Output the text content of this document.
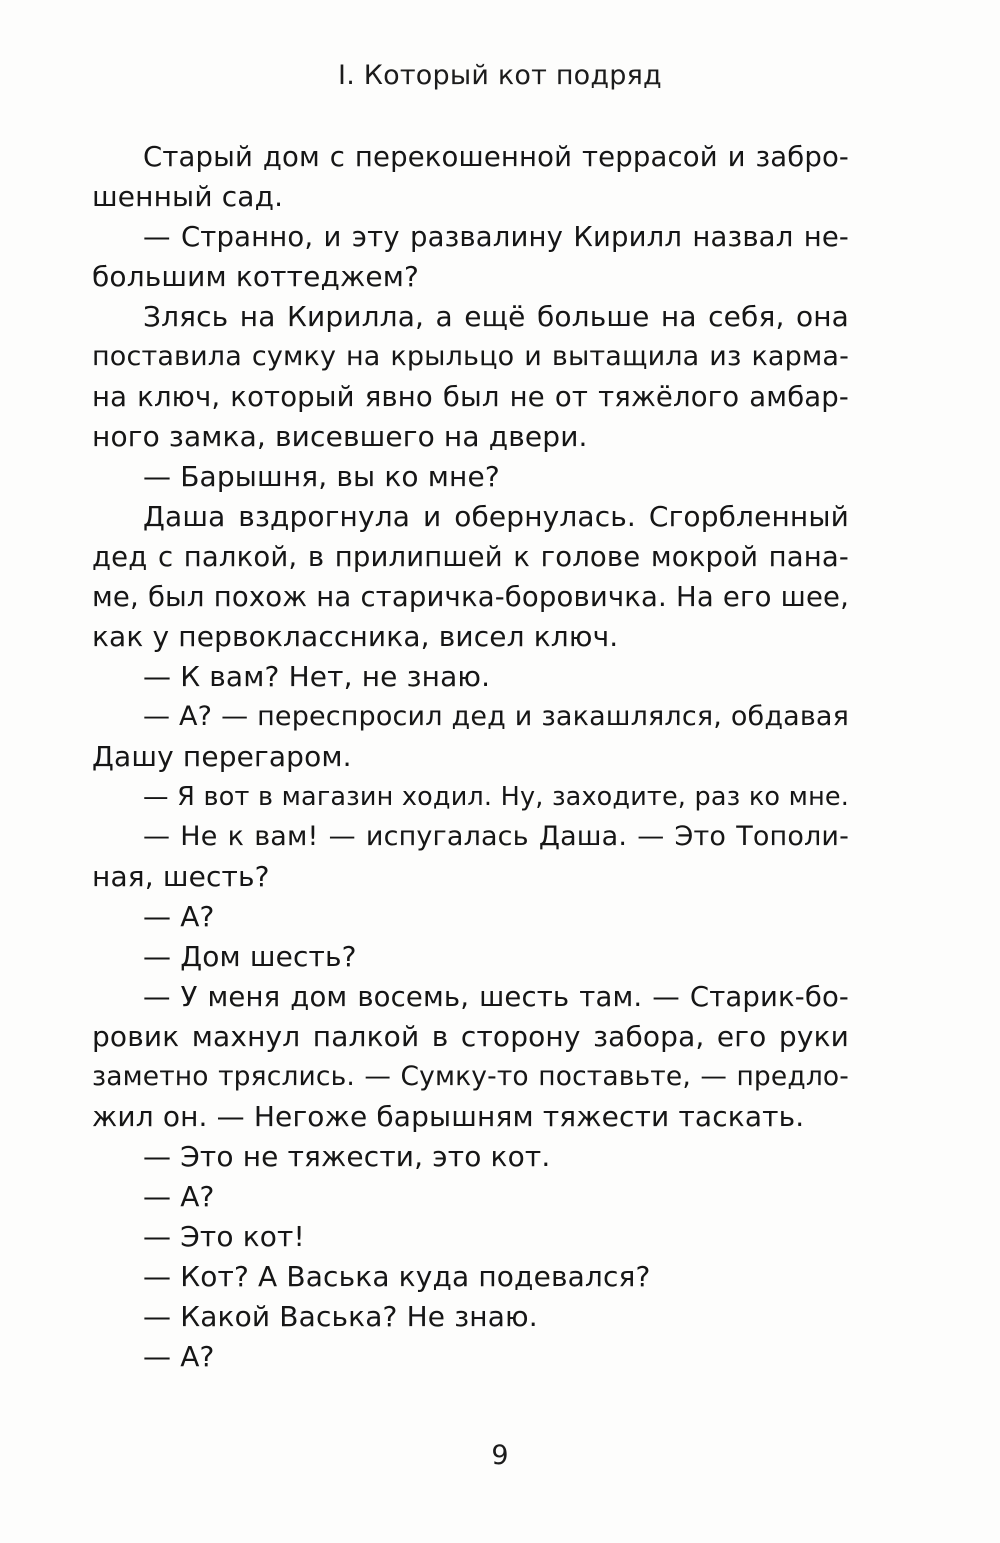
I. Который кот подряд
Старый дом с перекошенной террасой и забро-
шенный сад.
— Странно, и эту развалину Кирилл назвал не-
большим коттеджем?
Злясь на Кирилла, а ещё больше на себя, она
поставила сумку на крыльцо и вытащила из карма-
на ключ, который явно был не от тяжёлого амбар-
ного замка, висевшего на двери.
— Барышня, вы ко мне?
Даша вздрогнула и обернулась. Сгорбленный
дед с палкой, в прилипшей к голове мокрой пана-
ме, был похож на старичка-боровичка. На его шее,
как у первоклассника, висел ключ.
— К вам? Нет, не знаю.
— А? — переспросил дед и закашлялся, обдавая
Дашу перегаром.
— Я вот в магазин ходил. Ну, заходите, раз ко мне.
— Не к вам! — испугалась Даша. — Это Тополи-
ная, шесть?
— А?
— Дом шесть?
— У меня дом восемь, шесть там. — Старик-бо-
ровик махнул палкой в сторону забора, его руки
заметно тряслись. — Сумку-то поставьте, — предло-
жил он. — Негоже барышням тяжести таскать.
— Это не тяжести, это кот.
— А?
— Это кот!
— Кот? А Васька куда подевался?
— Какой Васька? Не знаю.
— А?
9
